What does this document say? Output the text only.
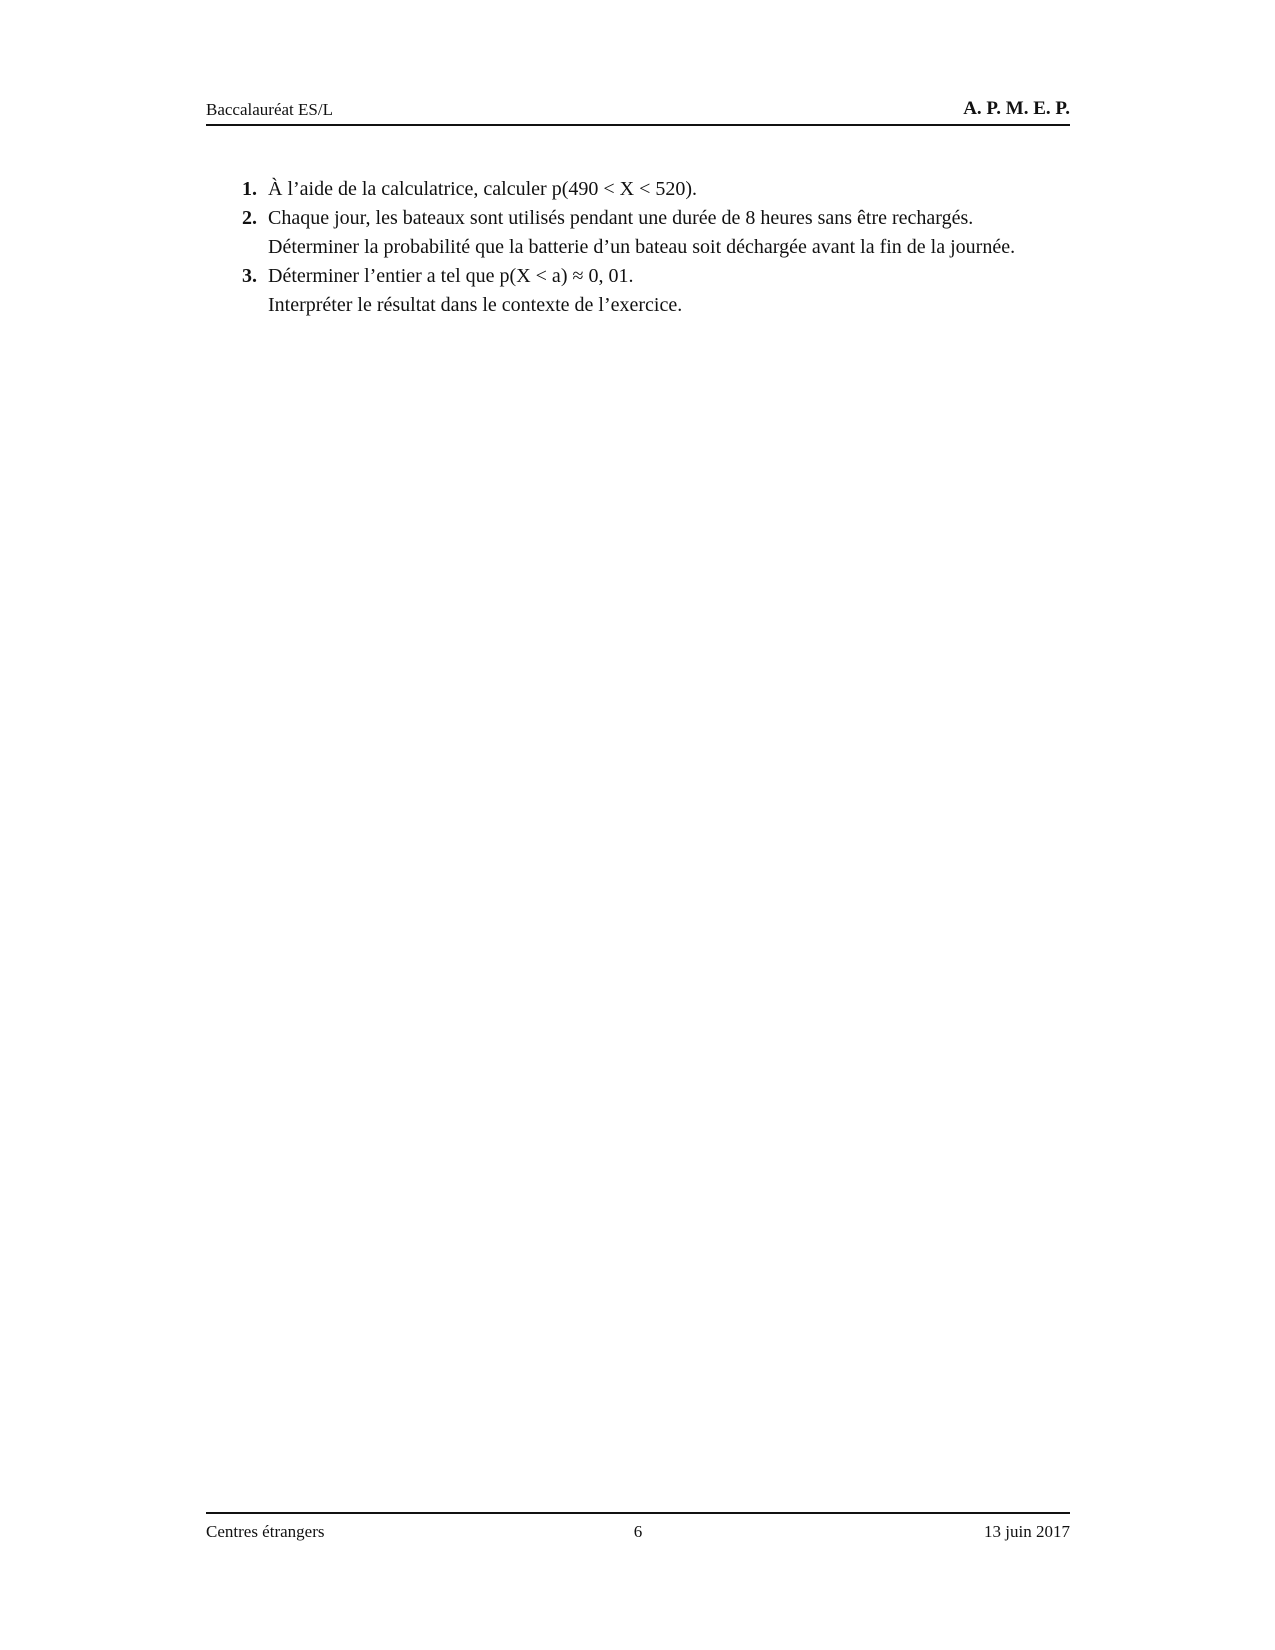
Baccalauréat ES/L	A. P. M. E. P.
1. À l’aide de la calculatrice, calculer p(490 < X < 520).
2. Chaque jour, les bateaux sont utilisés pendant une durée de 8 heures sans être rechargés.
Déterminer la probabilité que la batterie d’un bateau soit déchargée avant la fin de la journée.
3. Déterminer l’entier a tel que p(X < a) ≈ 0, 01.
Interpréter le résultat dans le contexte de l’exercice.
Centres étrangers	6	13 juin 2017
